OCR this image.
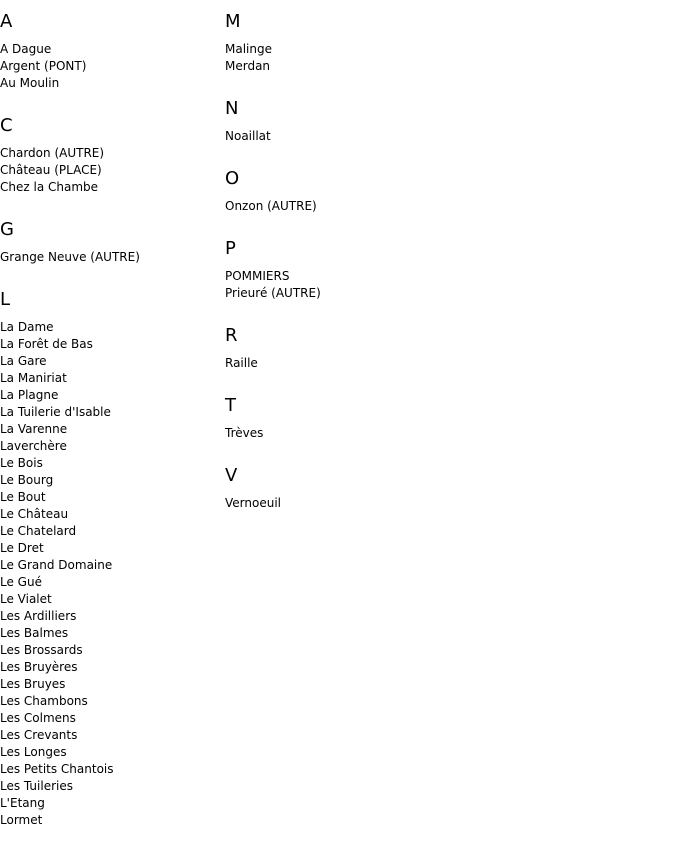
A
A Dague
Argent (PONT)
Au Moulin
C
Chardon (AUTRE)
Château (PLACE)
Chez la Chambe
G
Grange Neuve (AUTRE)
L
La Dame
La Forêt de Bas
La Gare
La Maniriat
La Plagne
La Tuilerie d'Isable
La Varenne
Laverchère
Le Bois
Le Bourg
Le Bout
Le Château
Le Chatelard
Le Dret
Le Grand Domaine
Le Gué
Le Vialet
Les Ardilliers
Les Balmes
Les Brossards
Les Bruyères
Les Bruyes
Les Chambons
Les Colmens
Les Crevants
Les Longes
Les Petits Chantois
Les Tuileries
L'Etang
Lormet
M
Malinge
Merdan
N
Noaillat
O
Onzon (AUTRE)
P
POMMIERS
Prieuré (AUTRE)
R
Raille
T
Trèves
V
Vernoeuil
